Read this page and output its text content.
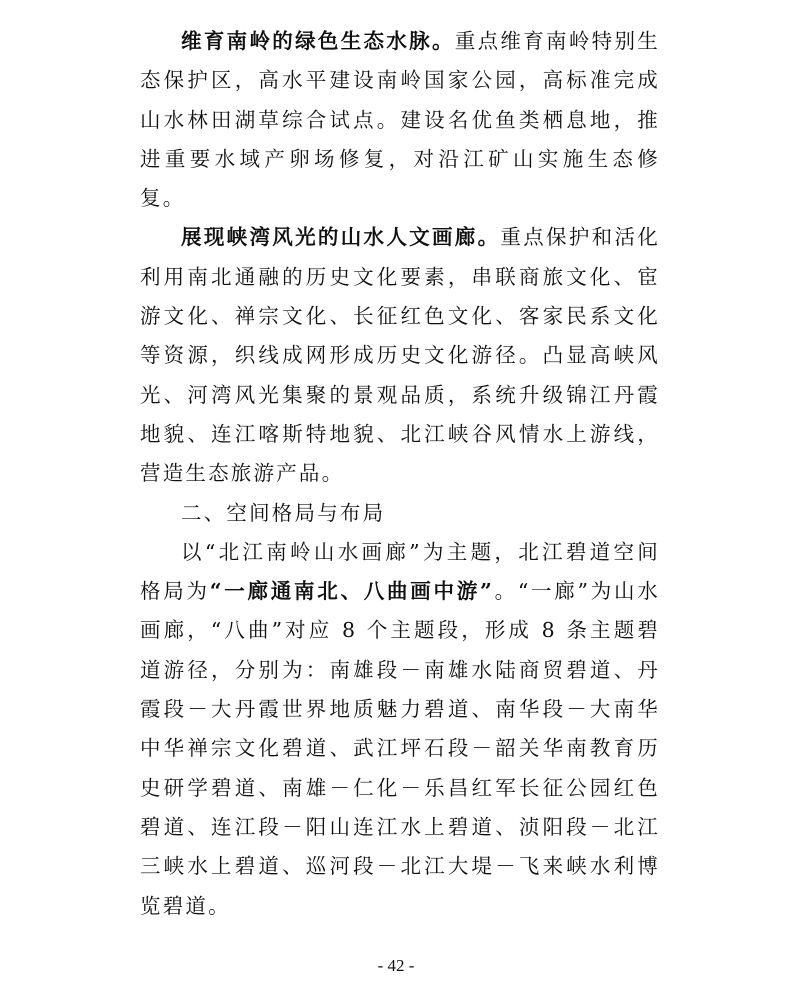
维育南岭的绿色生态水脉。重点维育南岭特别生态保护区，高水平建设南岭国家公园，高标准完成山水林田湖草综合试点。建设名优鱼类栖息地，推进重要水域产卵场修复，对沿江矿山实施生态修复。

展现峡湾风光的山水人文画廊。重点保护和活化利用南北通融的历史文化要素，串联商旅文化、宦游文化、禅宗文化、长征红色文化、客家民系文化等资源，织线成网形成历史文化游径。凸显高峡风光、河湾风光集聚的景观品质，系统升级锦江丹霞地貌、连江喀斯特地貌、北江峡谷风情水上游线，营造生态旅游产品。

二、空间格局与布局

以“北江南岭山水画廊”为主题，北江碧道空间格局为“一廊通南北、八曲画中游”。“一廊”为山水画廊，“八曲”对应 8 个主题段，形成 8 条主题碧道游径，分别为：南雄段－南雄水陆商贸碧道、丹霞段－大丹霞世界地质魅力碧道、南华段－大南华中华禅宗文化碧道、武江坪石段－韶关华南教育历史研学碧道、南雄－仁化－乐昌红军长征公园红色碧道、连江段－阳山连江水上碧道、浈阳段－北江三峡水上碧道、巡河段－北江大堤－飞来峡水利博览碧道。

- 42 -
